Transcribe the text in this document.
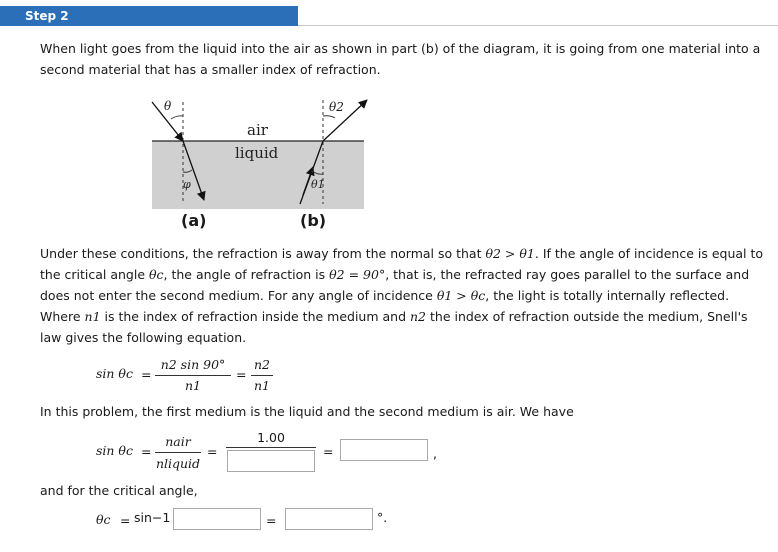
Step 2

When light goes from the liquid into the air as shown in part (b) of the diagram, it is going from one material into a second material that has a smaller index of refraction.

θ
φ
θ2
θ1
air
liquid
(a)	(b)

Under these conditions, the refraction is away from the normal so that θ2 > θ1. If the angle of incidence is equal to the critical angle θc, the angle of refraction is θ2 = 90°, that is, the refracted ray goes parallel to the surface and does not enter the second medium. For any angle of incidence θ1 > θc, the light is totally internally reflected. Where n1 is the index of refraction inside the medium and n2 the index of refraction outside the medium, Snell's law gives the following equation.

sin θc =
n2 sin 90°
n1
=
n2
n1

In this problem, the first medium is the liquid and the second medium is air. We have

sin θc =
nair
nliquid
=
1.00
=	,

and for the critical angle,

θc = sin−1	=	°.
